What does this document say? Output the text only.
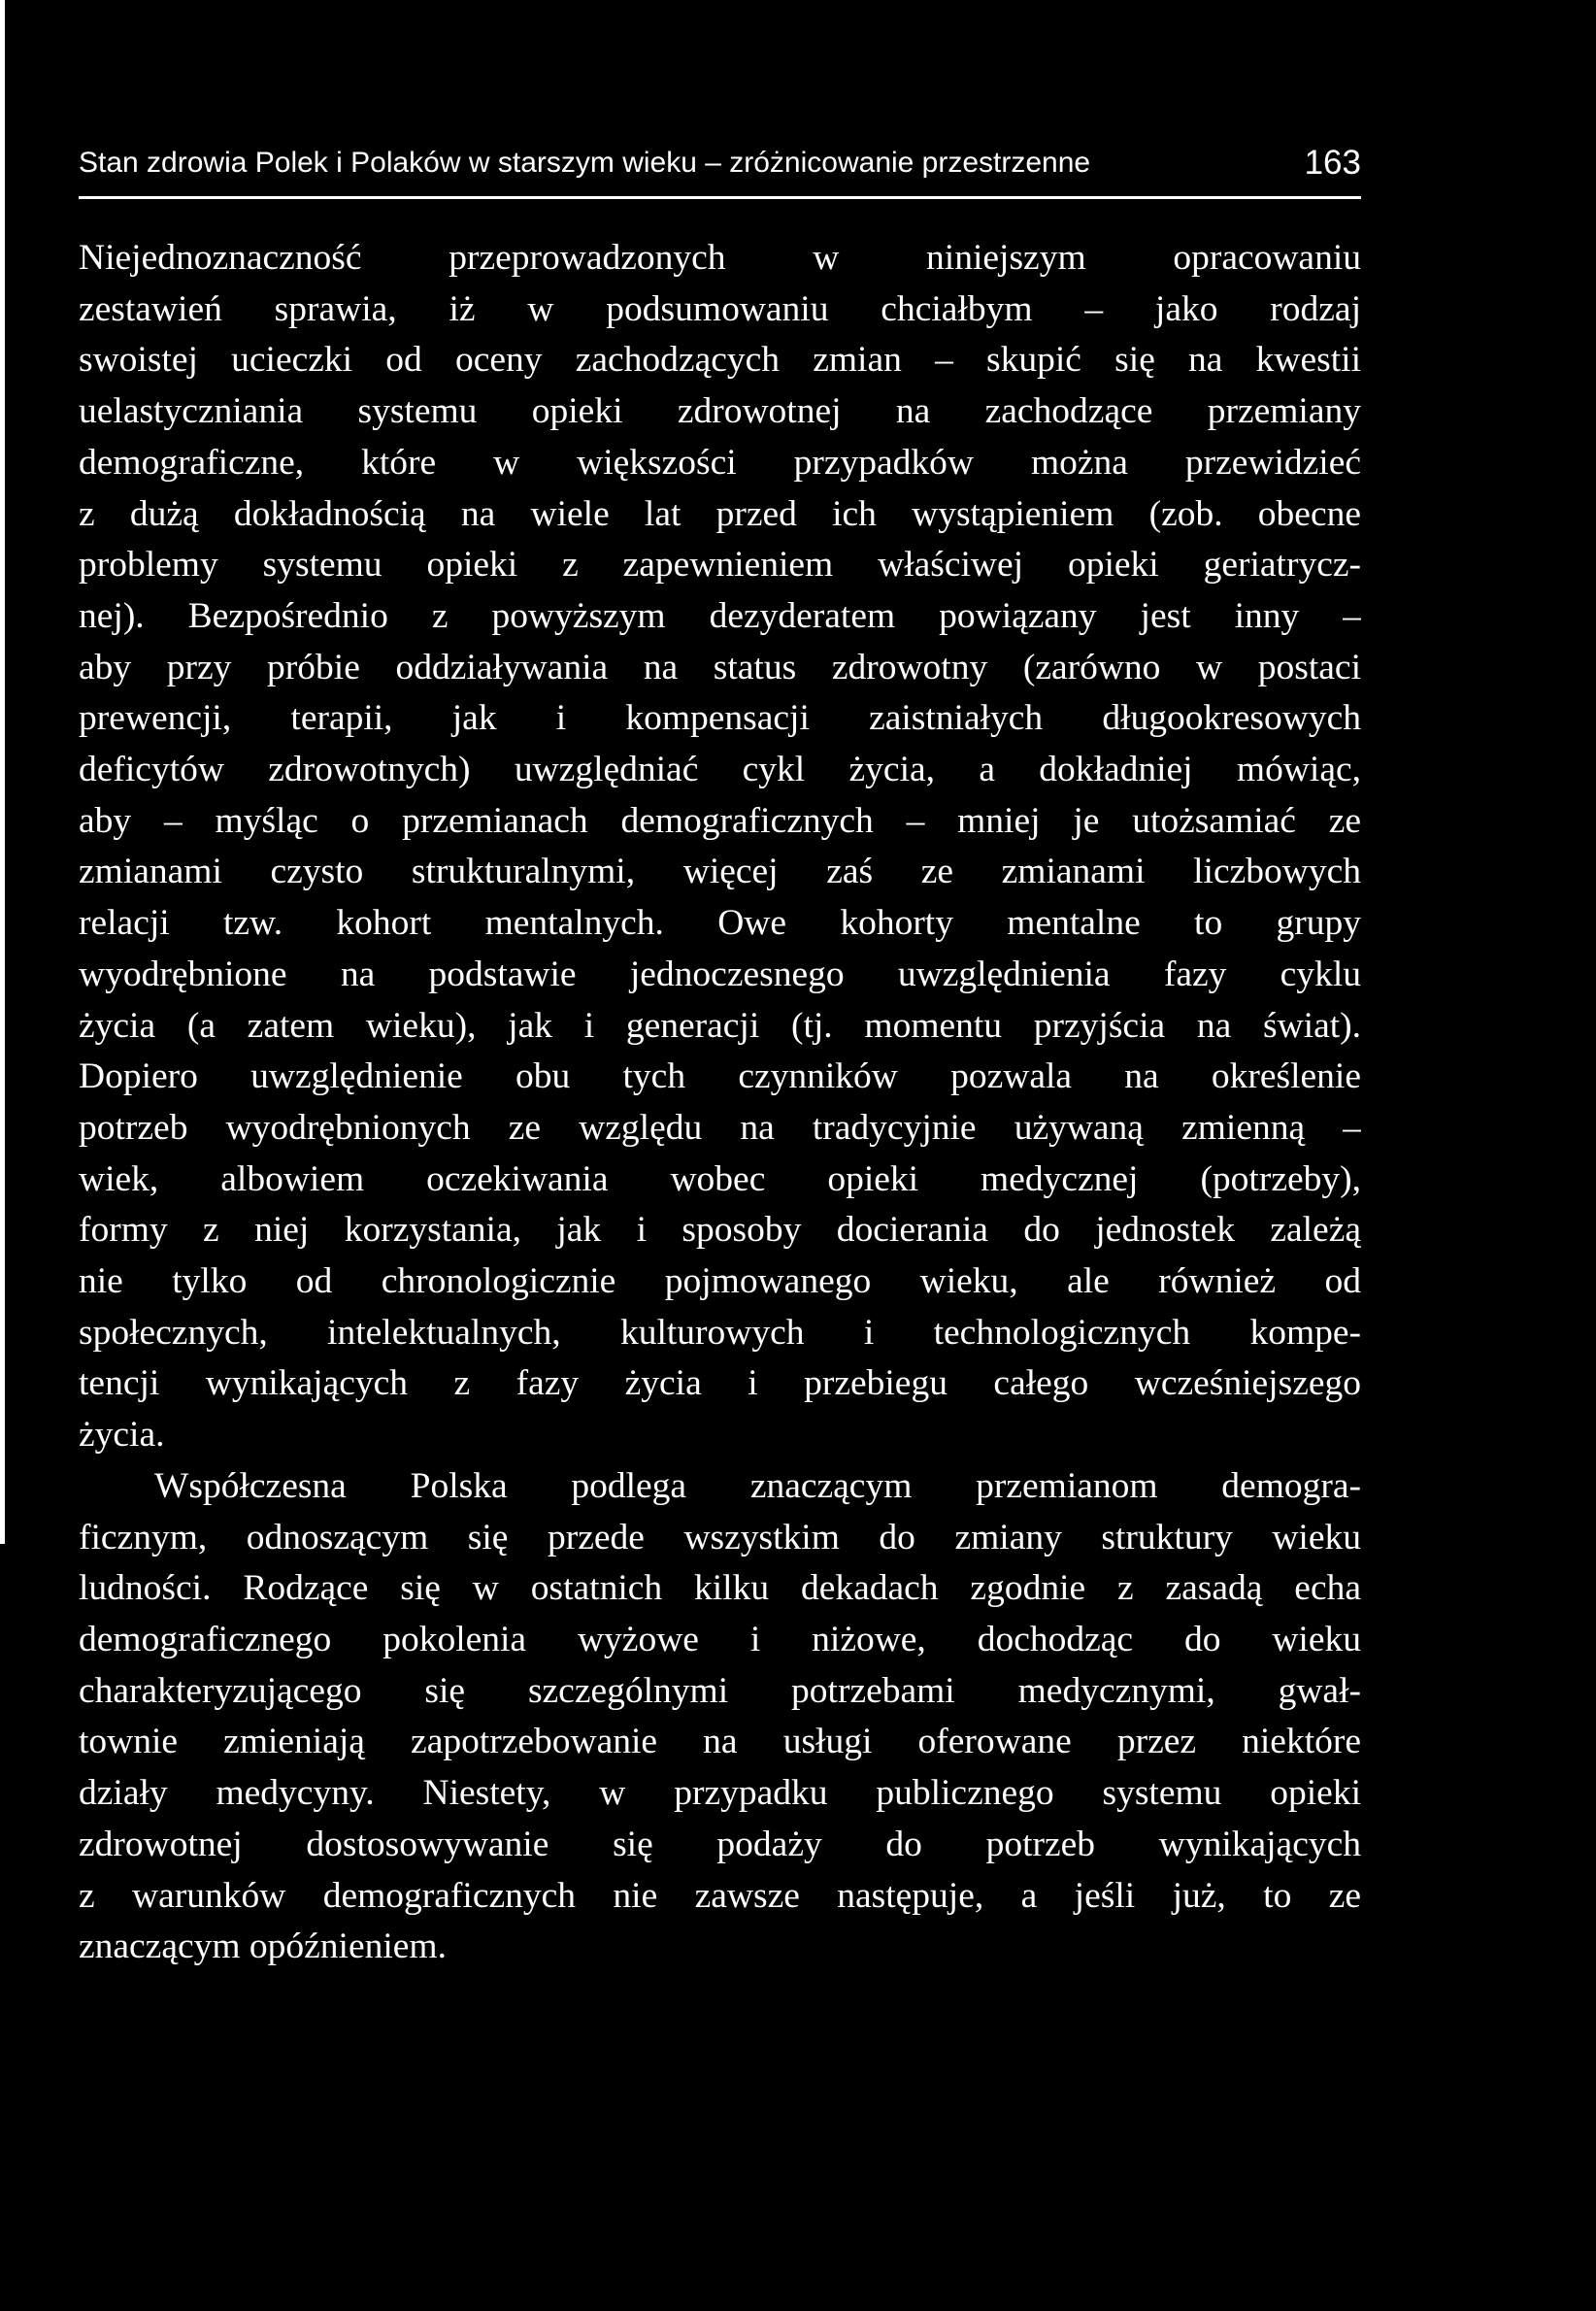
Stan zdrowia Polek i Polaków w starszym wieku – zróżnicowanie przestrzenne	163
Niejednoznaczność przeprowadzonych w niniejszym opracowaniu
zestawień sprawia, iż w podsumowaniu chciałbym – jako rodzaj
swoistej ucieczki od oceny zachodzących zmian – skupić się na kwestii
uelastyczniania systemu opieki zdrowotnej na zachodzące przemiany
demograficzne, które w większości przypadków można przewidzieć
z dużą dokładnością na wiele lat przed ich wystąpieniem (zob. obecne
problemy systemu opieki z zapewnieniem właściwej opieki geriatrycz-
nej). Bezpośrednio z powyższym dezyderatem powiązany jest inny –
aby przy próbie oddziaływania na status zdrowotny (zarówno w postaci
prewencji, terapii, jak i kompensacji zaistniałych długookresowych
deficytów zdrowotnych) uwzględniać cykl życia, a dokładniej mówiąc,
aby – myśląc o przemianach demograficznych – mniej je utożsamiać ze
zmianami czysto strukturalnymi, więcej zaś ze zmianami liczbowych
relacji tzw. kohort mentalnych. Owe kohorty mentalne to grupy
wyodrębnione na podstawie jednoczesnego uwzględnienia fazy cyklu
życia (a zatem wieku), jak i generacji (tj. momentu przyjścia na świat).
Dopiero uwzględnienie obu tych czynników pozwala na określenie
potrzeb wyodrębnionych ze względu na tradycyjnie używaną zmienną –
wiek, albowiem oczekiwania wobec opieki medycznej (potrzeby),
formy z niej korzystania, jak i sposoby docierania do jednostek zależą
nie tylko od chronologicznie pojmowanego wieku, ale również od
społecznych, intelektualnych, kulturowych i technologicznych kompe-
tencji wynikających z fazy życia i przebiegu całego wcześniejszego
życia.
Współczesna Polska podlega znaczącym przemianom demogra-
ficznym, odnoszącym się przede wszystkim do zmiany struktury wieku
ludności. Rodzące się w ostatnich kilku dekadach zgodnie z zasadą echa
demograficznego pokolenia wyżowe i niżowe, dochodząc do wieku
charakteryzującego się szczególnymi potrzebami medycznymi, gwał-
townie zmieniają zapotrzebowanie na usługi oferowane przez niektóre
działy medycyny. Niestety, w przypadku publicznego systemu opieki
zdrowotnej dostosowywanie się podaży do potrzeb wynikających
z warunków demograficznych nie zawsze następuje, a jeśli już, to ze
znaczącym opóźnieniem.
